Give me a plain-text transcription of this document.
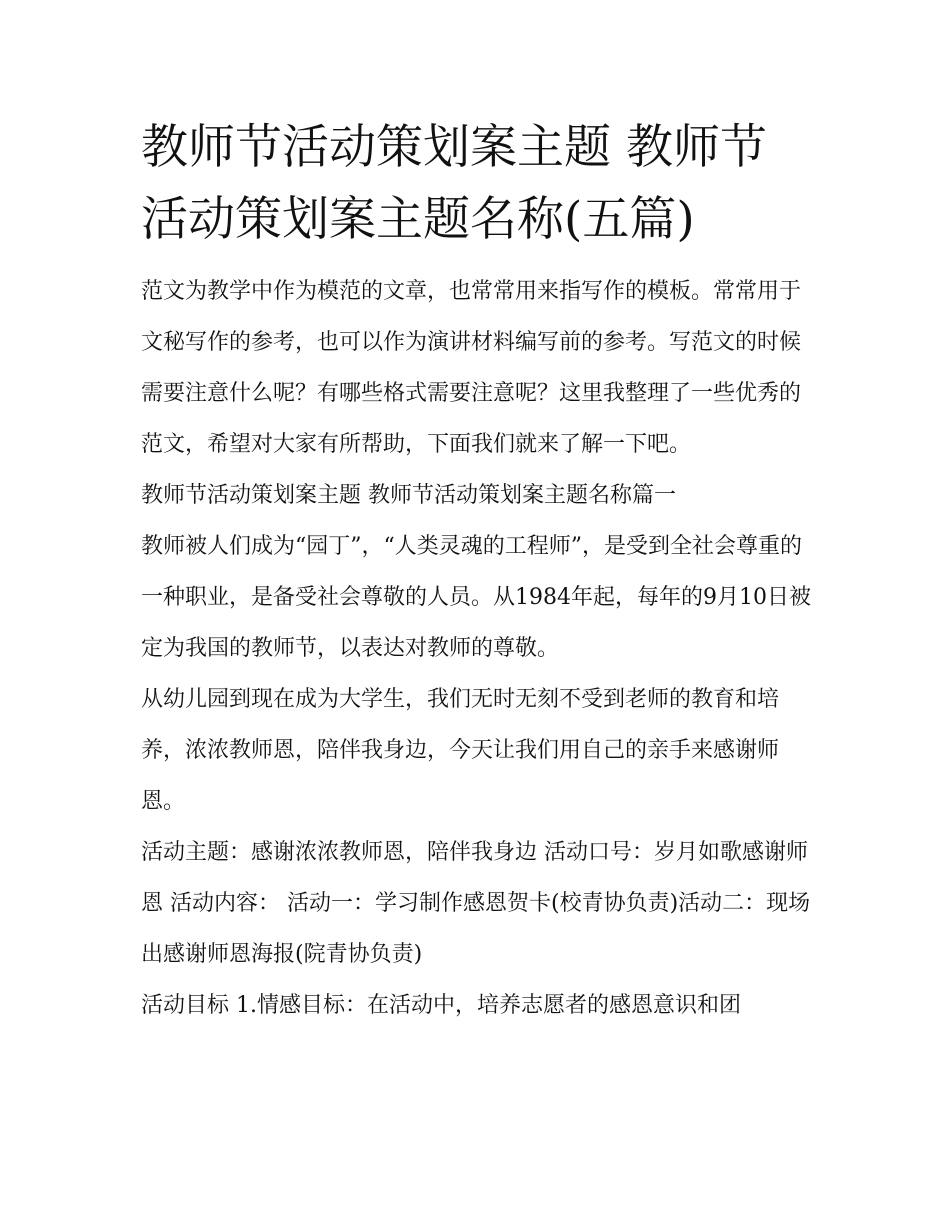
教师节活动策划案主题 教师节活动策划案主题名称(五篇)

范文为教学中作为模范的文章，也常常用来指写作的模板。常常用于文秘写作的参考，也可以作为演讲材料编写前的参考。写范文的时候需要注意什么呢？有哪些格式需要注意呢？这里我整理了一些优秀的范文，希望对大家有所帮助，下面我们就来了解一下吧。

教师节活动策划案主题 教师节活动策划案主题名称篇一

教师被人们成为“园丁”，“人类灵魂的工程师”，是受到全社会尊重的一种职业，是备受社会尊敬的人员。从1984年起，每年的9月10日被定为我国的教师节，以表达对教师的尊敬。

从幼儿园到现在成为大学生，我们无时无刻不受到老师的教育和培养，浓浓教师恩，陪伴我身边，今天让我们用自己的亲手来感谢师恩。

活动主题：感谢浓浓教师恩，陪伴我身边 活动口号：岁月如歌感谢师恩 活动内容： 活动一：学习制作感恩贺卡(校青协负责)活动二：现场出感谢师恩海报(院青协负责)

活动目标 1.情感目标：在活动中，培养志愿者的感恩意识和团
